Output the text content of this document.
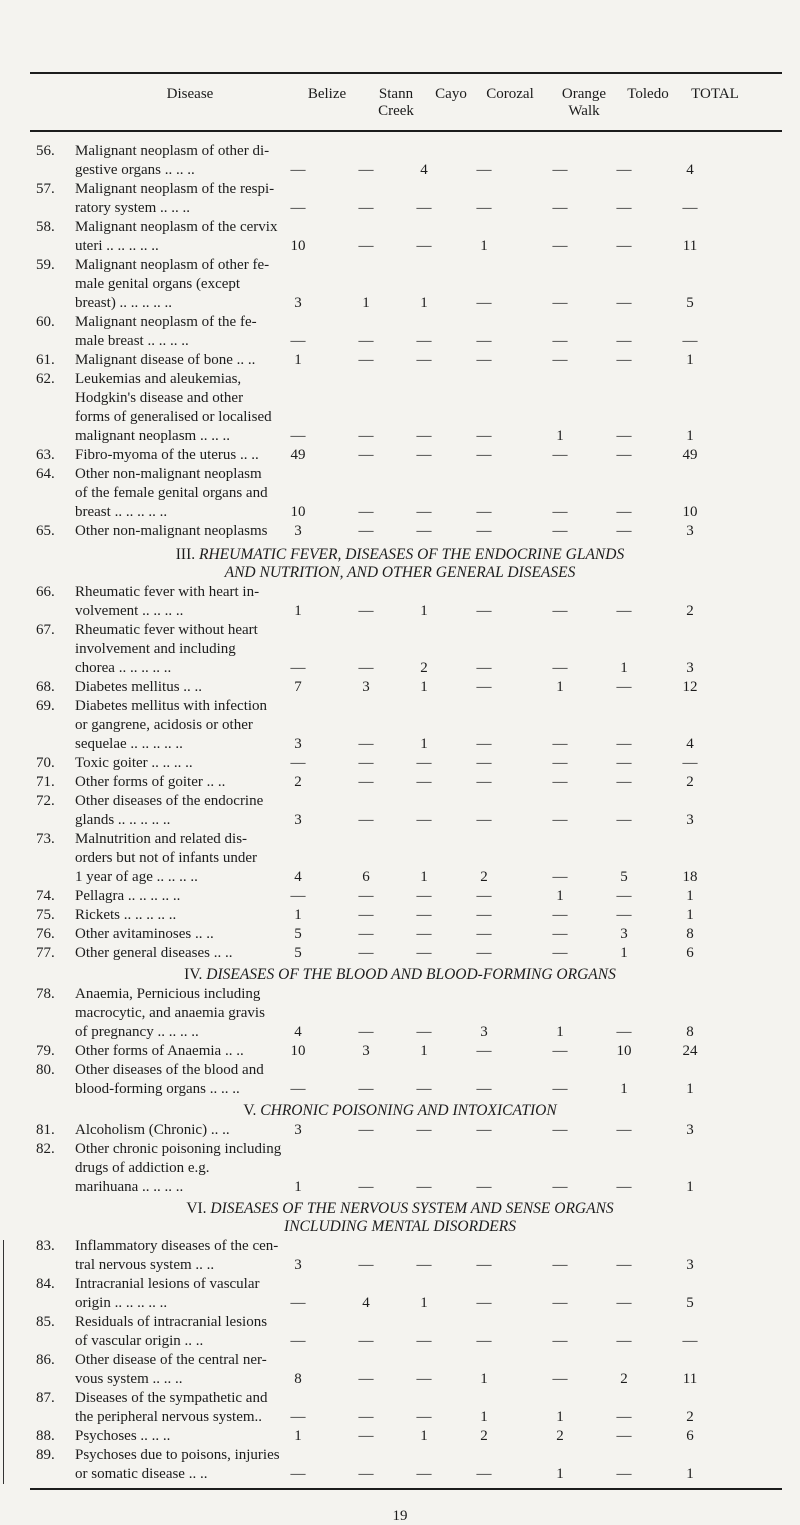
Disease	Belize	Stann
Creek
Cayo	Corozal	Orange
Walk
Toledo	TOTAL
III. RHEUMATIC FEVER, DISEASES OF THE ENDOCRINE GLANDS
AND NUTRITION, AND OTHER GENERAL DISEASES
IV. DISEASES OF THE BLOOD AND BLOOD-FORMING ORGANS
V. CHRONIC POISONING AND INTOXICATION
VI. DISEASES OF THE NERVOUS SYSTEM AND SENSE ORGANS
INCLUDING MENTAL DISORDERS
56. Malignant neoplasm of other di-
gestive organs .. .. ..	—	—	4	—	—	—	4
57. Malignant neoplasm of the respi-
ratory system .. .. ..	—	—	—	—	—	—	—
58. Malignant neoplasm of the cervix
uteri .. .. .. .. ..	10	—	—	1	—	—	11
59. Malignant neoplasm of other fe-
male genital organs (except
breast) .. .. .. .. ..	3	1	1	—	—	—	5
60. Malignant neoplasm of the fe-
male breast .. .. .. ..	—	—	—	—	—	—	—
61. Malignant disease of bone .. ..	1	—	—	—	—	—	1
62. Leukemias and aleukemias,
Hodgkin's disease and other
forms of generalised or localised
malignant neoplasm .. .. ..	—	—	—	—	1	—	1
63. Fibro-myoma of the uterus .. ..	49	—	—	—	—	—	49
64. Other non-malignant neoplasm
of the female genital organs and
breast .. .. .. .. ..	10	—	—	—	—	—	10
65. Other non-malignant neoplasms	3	—	—	—	—	—	3
66. Rheumatic fever with heart in-
volvement .. .. .. ..	1	—	1	—	—	—	2
67. Rheumatic fever without heart
involvement and including
chorea .. .. .. .. ..	—	—	2	—	—	1	3
68. Diabetes mellitus .. ..	7	3	1	—	1	—	12
69. Diabetes mellitus with infection
or gangrene, acidosis or other
sequelae .. .. .. .. ..	3	—	1	—	—	—	4
70. Toxic goiter .. .. .. ..	—	—	—	—	—	—	—
71. Other forms of goiter .. ..	2	—	—	—	—	—	2
72. Other diseases of the endocrine
glands .. .. .. .. ..	3	—	—	—	—	—	3
73. Malnutrition and related dis-
orders but not of infants under
1 year of age .. .. .. ..	4	6	1	2	—	5	18
74. Pellagra .. .. .. .. ..	—	—	—	—	1	—	1
75. Rickets .. .. .. .. ..	1	—	—	—	—	—	1
76. Other avitaminoses .. ..	5	—	—	—	—	3	8
77. Other general diseases .. ..	5	—	—	—	—	1	6
78. Anaemia, Pernicious including
macrocytic, and anaemia gravis
of pregnancy .. .. .. ..	4	—	—	3	1	—	8
79. Other forms of Anaemia .. ..	10	3	1	—	—	10	24
80. Other diseases of the blood and
blood-forming organs .. .. ..	—	—	—	—	—	1	1
81. Alcoholism (Chronic) .. ..	3	—	—	—	—	—	3
82. Other chronic poisoning including
drugs of addiction e.g.
marihuana .. .. .. ..	1	—	—	—	—	—	1
83. Inflammatory diseases of the cen-
tral nervous system .. ..	3	—	—	—	—	—	3
84. Intracranial lesions of vascular
origin .. .. .. .. ..	—	4	1	—	—	—	5
85. Residuals of intracranial lesions
of vascular origin .. ..	—	—	—	—	—	—	—
86. Other disease of the central ner-
vous system .. .. ..	8	—	—	1	—	2	11
87. Diseases of the sympathetic and
the peripheral nervous system..	—	—	—	1	1	—	2
88. Psychoses .. .. ..	1	—	1	2	2	—	6
89. Psychoses due to poisons, injuries
or somatic disease .. ..	—	—	—	—	1	—	1
19
